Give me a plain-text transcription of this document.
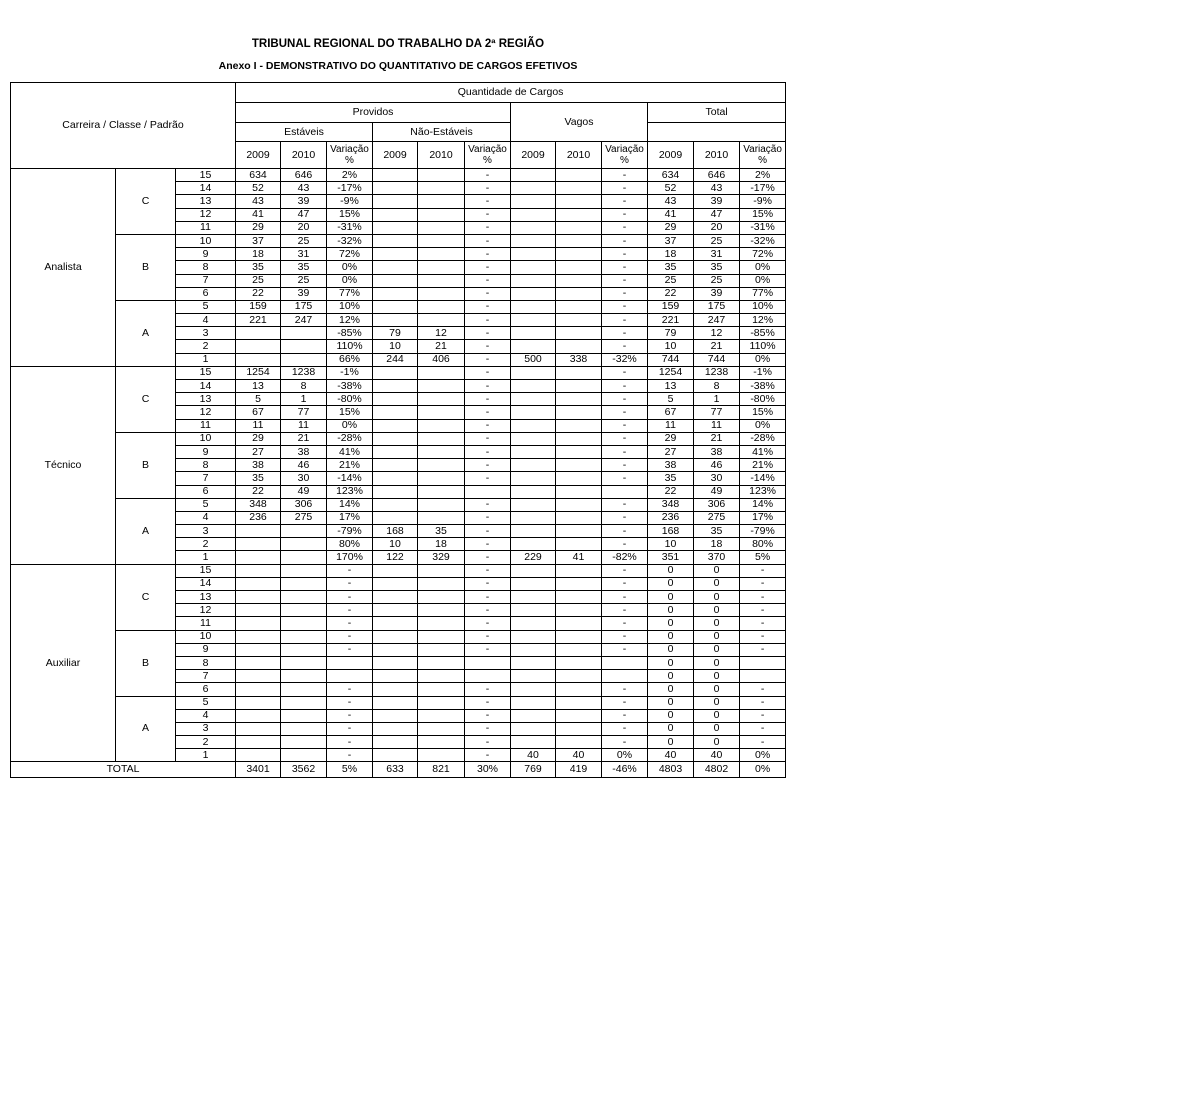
TRIBUNAL REGIONAL DO TRABALHO DA 2ª REGIÃO
Anexo I - DEMONSTRATIVO DO QUANTITATIVO DE CARGOS EFETIVOS
Carreira / Classe / Padrão			Quantidade de Cargos											
			Providos						Vagos			Total		
			Estáveis			Não-Estáveis								
			2009	2010	Variação %	2009	2010	Variação %	2009	2010	Variação %	2009	2010	Variação %
Analista	C	15	634	646	2%			-			-	634	646	2%
		14	52	43	-17%			-			-	52	43	-17%
		13	43	39	-9%			-			-	43	39	-9%
		12	41	47	15%			-			-	41	47	15%
		11	29	20	-31%			-			-	29	20	-31%
	B	10	37	25	-32%			-			-	37	25	-32%
		9	18	31	72%			-			-	18	31	72%
		8	35	35	0%			-			-	35	35	0%
		7	25	25	0%			-			-	25	25	0%
		6	22	39	77%			-			-	22	39	77%
	A	5	159	175	10%			-			-	159	175	10%
		4	221	247	12%			-			-	221	247	12%
		3			-85%	79	12	-			-	79	12	-85%
		2			110%	10	21	-			-	10	21	110%
		1			66%	244	406	-	500	338	-32%	744	744	0%
Técnico	C	15	1254	1238	-1%			-			-	1254	1238	-1%
		14	13	8	-38%			-			-	13	8	-38%
		13	5	1	-80%			-			-	5	1	-80%
		12	67	77	15%			-			-	67	77	15%
		11	11	11	0%			-			-	11	11	0%
	B	10	29	21	-28%			-			-	29	21	-28%
		9	27	38	41%			-			-	27	38	41%
		8	38	46	21%			-			-	38	46	21%
		7	35	30	-14%			-			-	35	30	-14%
		6	22	49	123%							22	49	123%
	A	5	348	306	14%			-			-	348	306	14%
		4	236	275	17%			-			-	236	275	17%
		3			-79%	168	35	-			-	168	35	-79%
		2			80%	10	18	-			-	10	18	80%
		1			170%	122	329	-	229	41	-82%	351	370	5%
Auxiliar	C	15			-			-			-	0	0	-
		14			-			-			-	0	0	-
		13			-			-			-	0	0	-
		12			-			-			-	0	0	-
		11			-			-			-	0	0	-
	B	10			-			-			-	0	0	-
		9			-			-			-	0	0	-
		8										0	0	
		7										0	0	
		6			-			-			-	0	0	-
	A	5			-			-			-	0	0	-
		4			-			-			-	0	0	-
		3			-			-			-	0	0	-
		2			-			-			-	0	0	-
		1			-			-	40	40	0%	40	40	0%
TOTAL			3401	3562	5%	633	821	30%	769	419	-46%	4803	4802	0%
